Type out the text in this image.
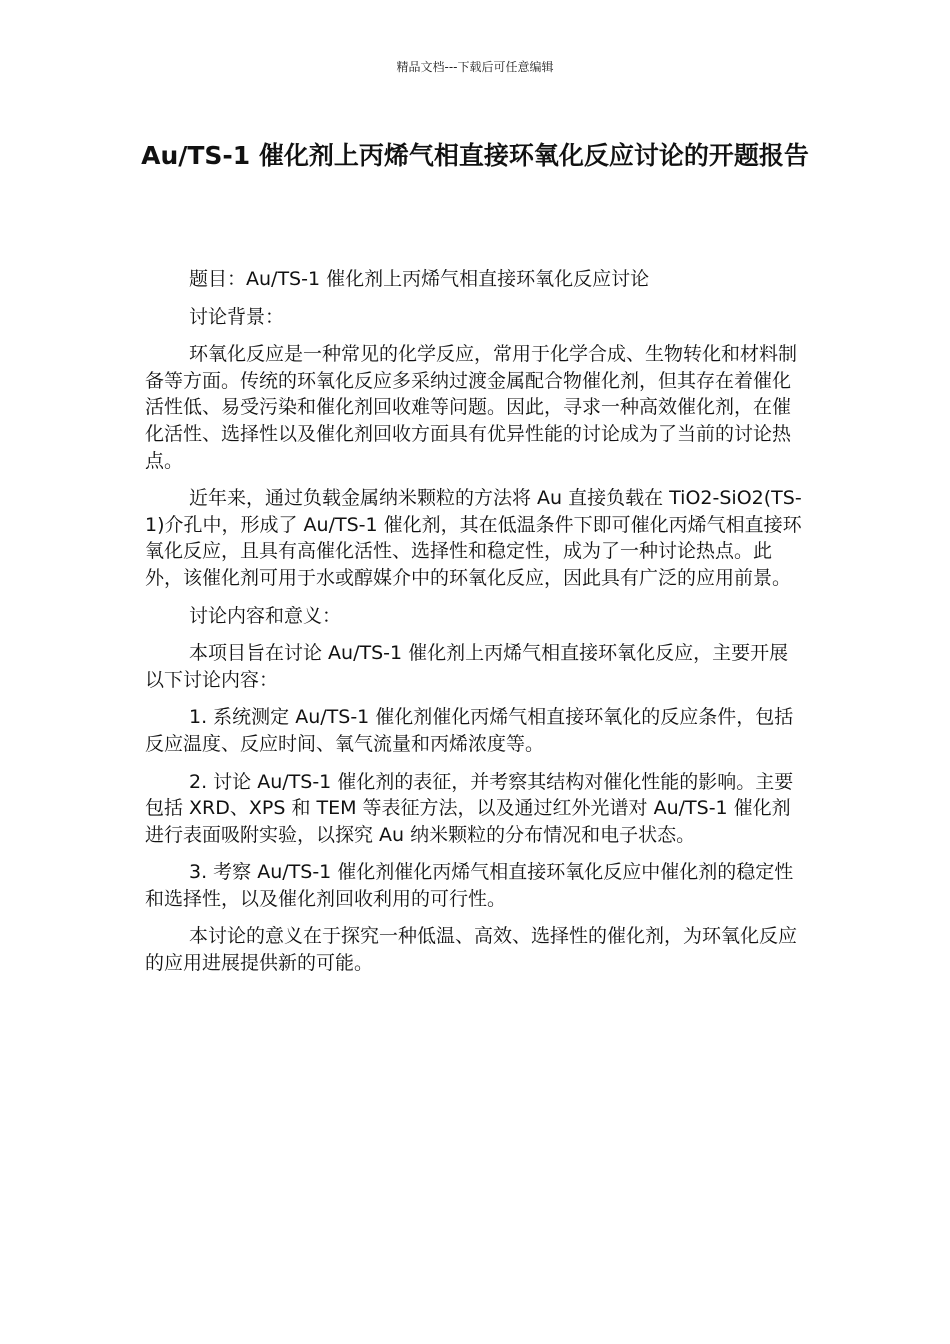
精品文档---下载后可任意编辑
Au/TS-1 催化剂上丙烯气相直接环氧化反应讨论的开题报告

题目：Au/TS-1 催化剂上丙烯气相直接环氧化反应讨论

讨论背景：

环氧化反应是一种常见的化学反应，常用于化学合成、生物转化和材料制备等方面。传统的环氧化反应多采纳过渡金属配合物催化剂，但其存在着催化活性低、易受污染和催化剂回收难等问题。因此，寻求一种高效催化剂，在催化活性、选择性以及催化剂回收方面具有优异性能的讨论成为了当前的讨论热点。

近年来，通过负载金属纳米颗粒的方法将 Au 直接负载在 TiO2-SiO2(TS-1)介孔中，形成了 Au/TS-1 催化剂，其在低温条件下即可催化丙烯气相直接环氧化反应，且具有高催化活性、选择性和稳定性，成为了一种讨论热点。此外，该催化剂可用于水或醇媒介中的环氧化反应，因此具有广泛的应用前景。

讨论内容和意义：

本项目旨在讨论 Au/TS-1 催化剂上丙烯气相直接环氧化反应，主要开展以下讨论内容：

1. 系统测定 Au/TS-1 催化剂催化丙烯气相直接环氧化的反应条件，包括反应温度、反应时间、氧气流量和丙烯浓度等。

2. 讨论 Au/TS-1 催化剂的表征，并考察其结构对催化性能的影响。主要包括 XRD、XPS 和 TEM 等表征方法，以及通过红外光谱对 Au/TS-1 催化剂进行表面吸附实验，以探究 Au 纳米颗粒的分布情况和电子状态。

3. 考察 Au/TS-1 催化剂催化丙烯气相直接环氧化反应中催化剂的稳定性和选择性，以及催化剂回收利用的可行性。

本讨论的意义在于探究一种低温、高效、选择性的催化剂，为环氧化反应的应用进展提供新的可能。
